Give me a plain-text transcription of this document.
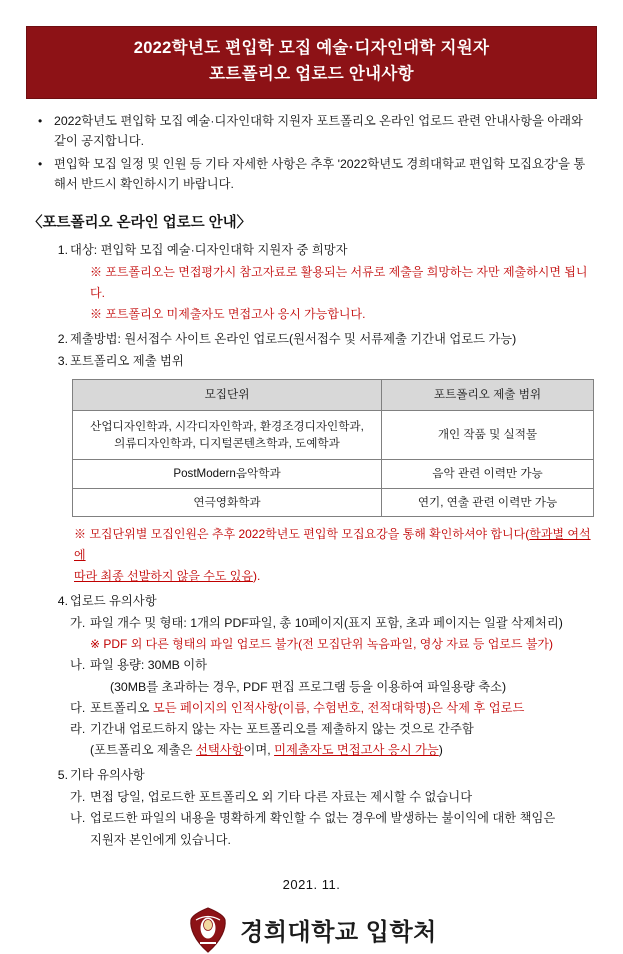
2022학년도 편입학 모집 예술·디자인대학 지원자
포트폴리오 업로드 안내사항
• 2022학년도 편입학 모집 예술·디자인대학 지원자 포트폴리오 온라인 업로드 관련 안내사항을 아래와 같이 공지합니다.
• 편입학 모집 일정 및 인원 등 기타 자세한 사항은 추후 '2022학년도 경희대학교 편입학 모집요강'을 통해서 반드시 확인하시기 바랍니다.
〈포트폴리오 온라인 업로드 안내〉
1. 대상: 편입학 모집 예술·디자인대학 지원자 중 희망자
※ 포트폴리오는 면접평가시 참고자료로 활용되는 서류로 제출을 희망하는 자만 제출하시면 됩니다.
※ 포트폴리오 미제출자도 면접고사 응시 가능합니다.
2. 제출방법: 원서접수 사이트 온라인 업로드(원서접수 및 서류제출 기간내 업로드 가능)
3. 포트폴리오 제출 범위
모집단위	포트폴리오 제출 범위

산업디자인학과, 시각디자인학과, 환경조경디자인학과,
의류디자인학과, 디지털콘텐츠학과, 도예학과	개인 작품 및 실적물
PostModern음악학과	음악 관련 이력만 가능
연극영화학과	연기, 연출 관련 이력만 가능
※ 모집단위별 모집인원은 추후 2022학년도 편입학 모집요강을 통해 확인하셔야 합니다(학과별 여석에
따라 최종 선발하지 않을 수도 있음).
4. 업로드 유의사항
가. 파일 개수 및 형태: 1개의 PDF파일, 총 10페이지(표지 포함, 초과 페이지는 일괄 삭제처리)
※ PDF 외 다른 형태의 파일 업로드 불가(전 모집단위 녹음파일, 영상 자료 등 업로드 불가)
나. 파일 용량: 30MB 이하
(30MB를 초과하는 경우, PDF 편집 프로그램 등을 이용하여 파일용량 축소)
다. 포트폴리오 모든 페이지의 인적사항(이름, 수험번호, 전적대학명)은 삭제 후 업로드
라. 기간내 업로드하지 않는 자는 포트폴리오를 제출하지 않는 것으로 간주함
(포트폴리오 제출은 선택사항이며, 미제출자도 면접고사 응시 가능)
5. 기타 유의사항
가. 면접 당일, 업로드한 포트폴리오 외 기타 다른 자료는 제시할 수 없습니다
나. 업로드한 파일의 내용을 명확하게 확인할 수 없는 경우에 발생하는 불이익에 대한 책임은
지원자 본인에게 있습니다.
2021. 11.
경희대학교 입학처
